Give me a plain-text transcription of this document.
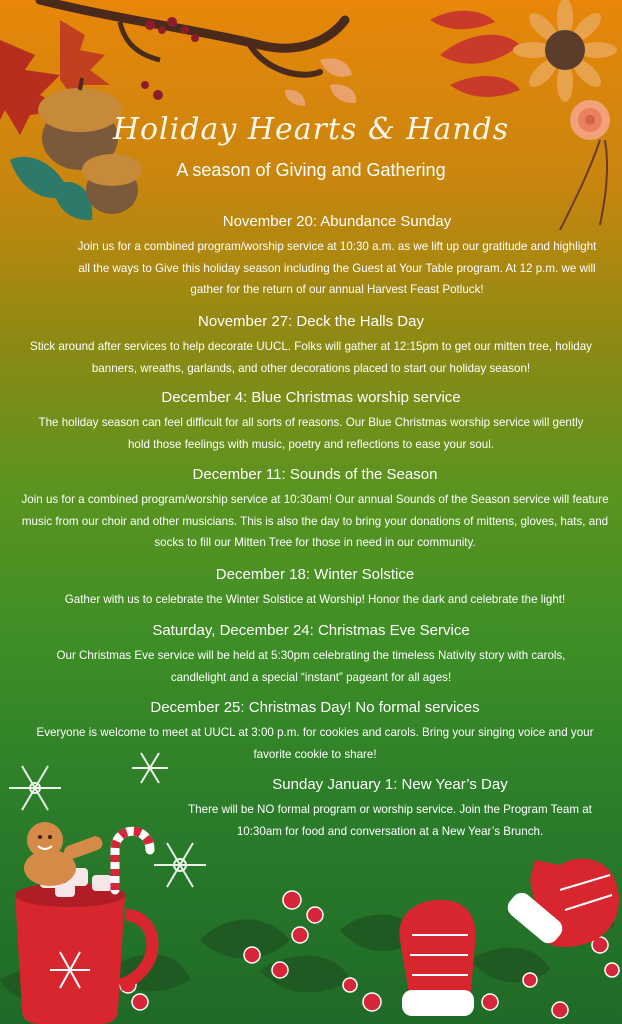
Holiday Hearts & Hands
A season of Giving and Gathering
November 20: Abundance Sunday

Join us for a combined program/worship service at 10:30 a.m. as we lift up our gratitude and highlight all the ways to Give this holiday season including the Guest at Your Table program. At 12 p.m. we will gather for the return of our annual Harvest Feast Potluck!

November 27: Deck the Halls Day

Stick around after services to help decorate UUCL. Folks will gather at 12:15pm to get our mitten tree, holiday banners, wreaths, garlands, and other decorations placed to start our holiday season!

December 4: Blue Christmas worship service

The holiday season can feel difficult for all sorts of reasons. Our Blue Christmas worship service will gently hold those feelings with music, poetry and reflections to ease your soul.

December 11: Sounds of the Season

Join us for a combined program/worship service at 10:30am! Our annual Sounds of the Season service will feature music from our choir and other musicians. This is also the day to bring your donations of mittens, gloves, hats, and socks to fill our Mitten Tree for those in need in our community.

December 18: Winter Solstice

Gather with us to celebrate the Winter Solstice at Worship! Honor the dark and celebrate the light!

Saturday, December 24: Christmas Eve Service

Our Christmas Eve service will be held at 5:30pm celebrating the timeless Nativity story with carols, candlelight and a special “instant” pageant for all ages!

December 25: Christmas Day! No formal services

Everyone is welcome to meet at UUCL at 3:00 p.m. for cookies and carols. Bring your singing voice and your favorite cookie to share!

Sunday January 1: New Year’s Day

There will be NO formal program or worship service. Join the Program Team at 10:30am for food and conversation at a New Year’s Brunch.
